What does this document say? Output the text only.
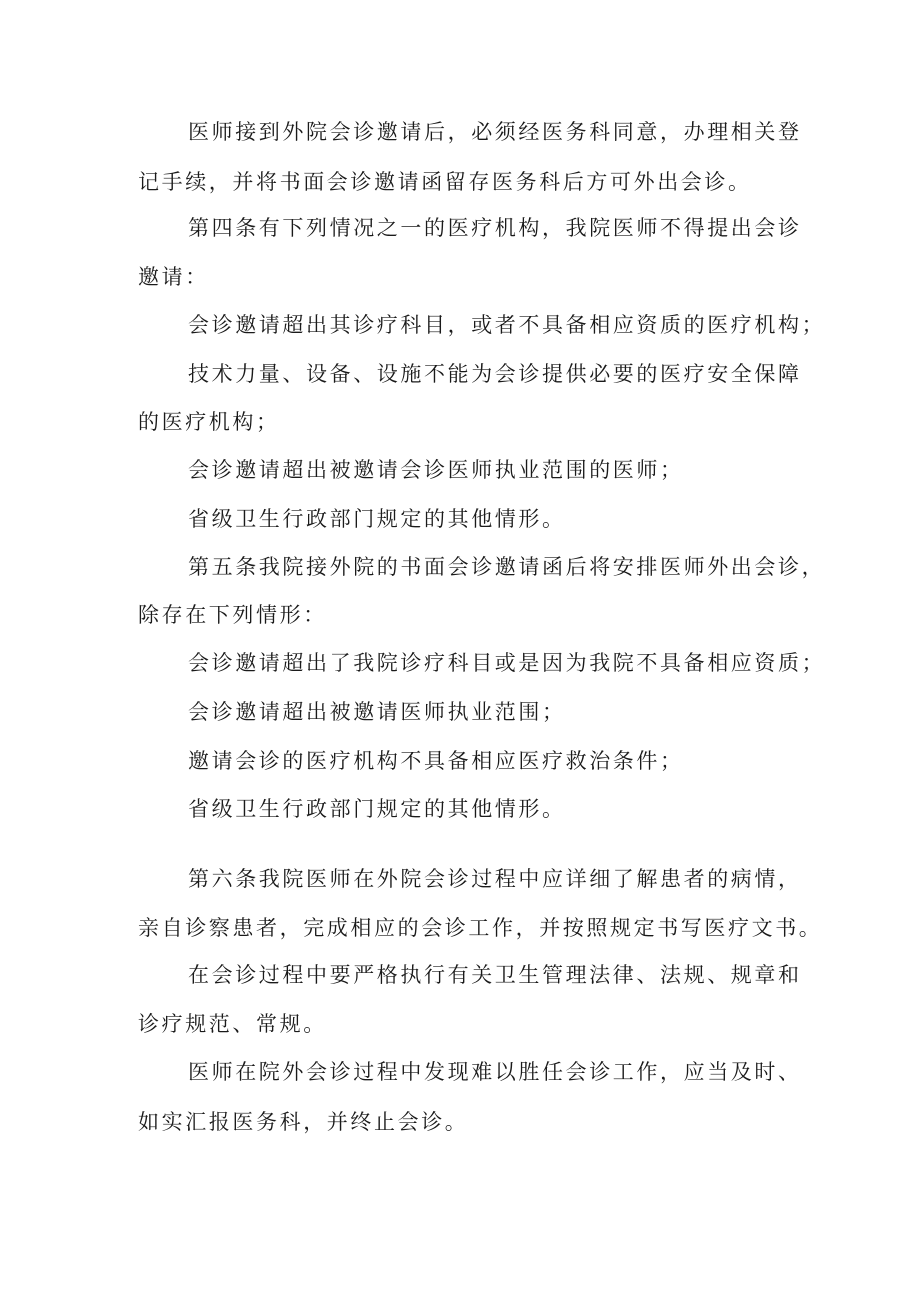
医师接到外院会诊邀请后，必须经医务科同意，办理相关登
记手续，并将书面会诊邀请函留存医务科后方可外出会诊。
第四条有下列情况之一的医疗机构，我院医师不得提出会诊
邀请：
会诊邀请超出其诊疗科目，或者不具备相应资质的医疗机构；
技术力量、设备、设施不能为会诊提供必要的医疗安全保障
的医疗机构；
会诊邀请超出被邀请会诊医师执业范围的医师；
省级卫生行政部门规定的其他情形。
第五条我院接外院的书面会诊邀请函后将安排医师外出会诊，
除存在下列情形：
会诊邀请超出了我院诊疗科目或是因为我院不具备相应资质；
会诊邀请超出被邀请医师执业范围；
邀请会诊的医疗机构不具备相应医疗救治条件；
省级卫生行政部门规定的其他情形。
第六条我院医师在外院会诊过程中应详细了解患者的病情，
亲自诊察患者，完成相应的会诊工作，并按照规定书写医疗文书。
在会诊过程中要严格执行有关卫生管理法律、法规、规章和
诊疗规范、常规。
医师在院外会诊过程中发现难以胜任会诊工作，应当及时、
如实汇报医务科，并终止会诊。
